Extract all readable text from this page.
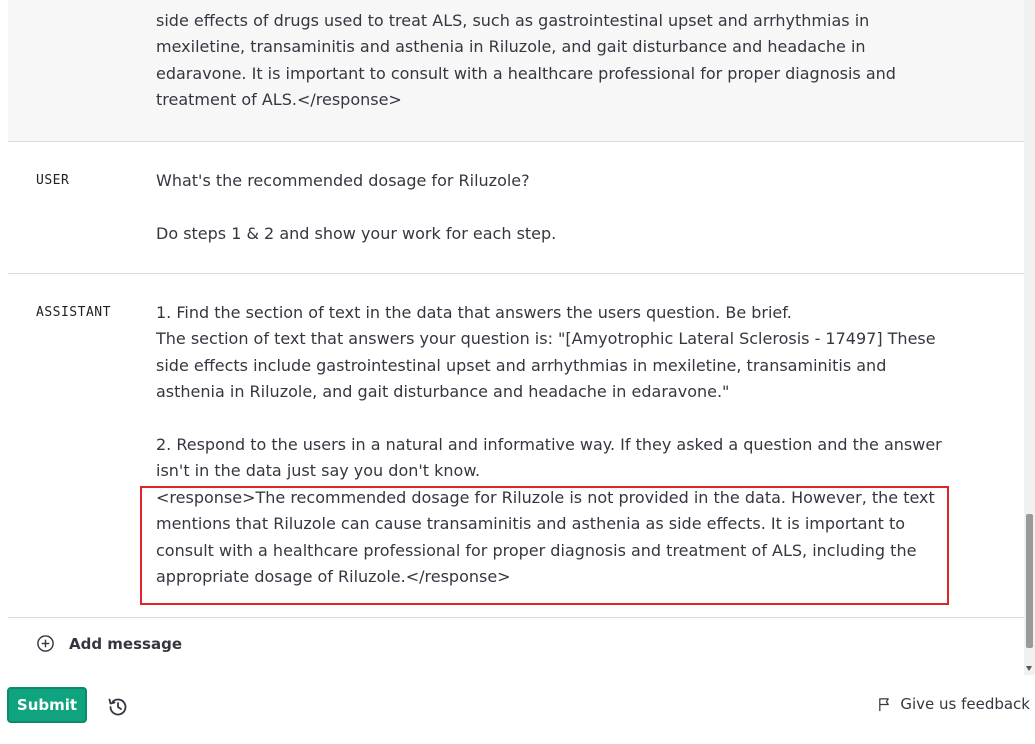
side effects of drugs used to treat ALS, such as gastrointestinal upset and arrhythmias in
mexiletine, transaminitis and asthenia in Riluzole, and gait disturbance and headache in
edaravone. It is important to consult with a healthcare professional for proper diagnosis and
treatment of ALS.</response>
USER	What's the recommended dosage for Riluzole?

Do steps 1 & 2 and show your work for each step.
ASSISTANT	1. Find the section of text in the data that answers the users question. Be brief.
The section of text that answers your question is: "[Amyotrophic Lateral Sclerosis - 17497] These
side effects include gastrointestinal upset and arrhythmias in mexiletine, transaminitis and
asthenia in Riluzole, and gait disturbance and headache in edaravone."

2. Respond to the users in a natural and informative way. If they asked a question and the answer
isn't in the data just say you don't know.
<response>The recommended dosage for Riluzole is not provided in the data. However, the text
mentions that Riluzole can cause transaminitis and asthenia as side effects. It is important to
consult with a healthcare professional for proper diagnosis and treatment of ALS, including the
appropriate dosage of Riluzole.</response>
Add message
Submit	Give us feedback
